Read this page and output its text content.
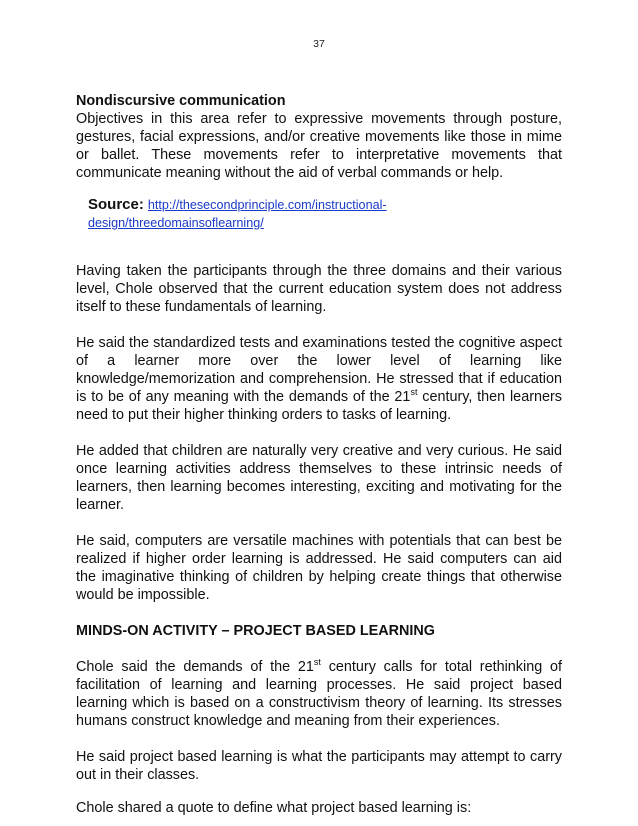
37

Nondiscursive communication

Objectives in this area refer to expressive movements through posture, gestures, facial expressions, and/or creative movements like those in mime or ballet. These movements refer to interpretative movements that communicate meaning without the aid of verbal commands or help.

Source: http://thesecondprinciple.com/instructional-design/threedomainsoflearning/

Having taken the participants through the three domains and their various level, Chole observed that the current education system does not address itself to these fundamentals of learning.

He said the standardized tests and examinations tested the cognitive aspect of a learner more over the lower level of learning like knowledge/memorization and comprehension. He stressed that if education is to be of any meaning with the demands of the 21st century, then learners need to put their higher thinking orders to tasks of learning.

He added that children are naturally very creative and very curious. He said once learning activities address themselves to these intrinsic needs of learners, then learning becomes interesting, exciting and motivating for the learner.

He said, computers are versatile machines with potentials that can best be realized if higher order learning is addressed. He said computers can aid the imaginative thinking of children by helping create things that otherwise would be impossible.

MINDS-ON ACTIVITY – PROJECT BASED LEARNING

Chole said the demands of the 21st century calls for total rethinking of facilitation of learning and learning processes. He said project based learning which is based on a constructivism theory of learning. Its stresses humans construct knowledge and meaning from their experiences.

He said project based learning is what the participants may attempt to carry out in their classes.

Chole shared a quote to define what project based learning is:
